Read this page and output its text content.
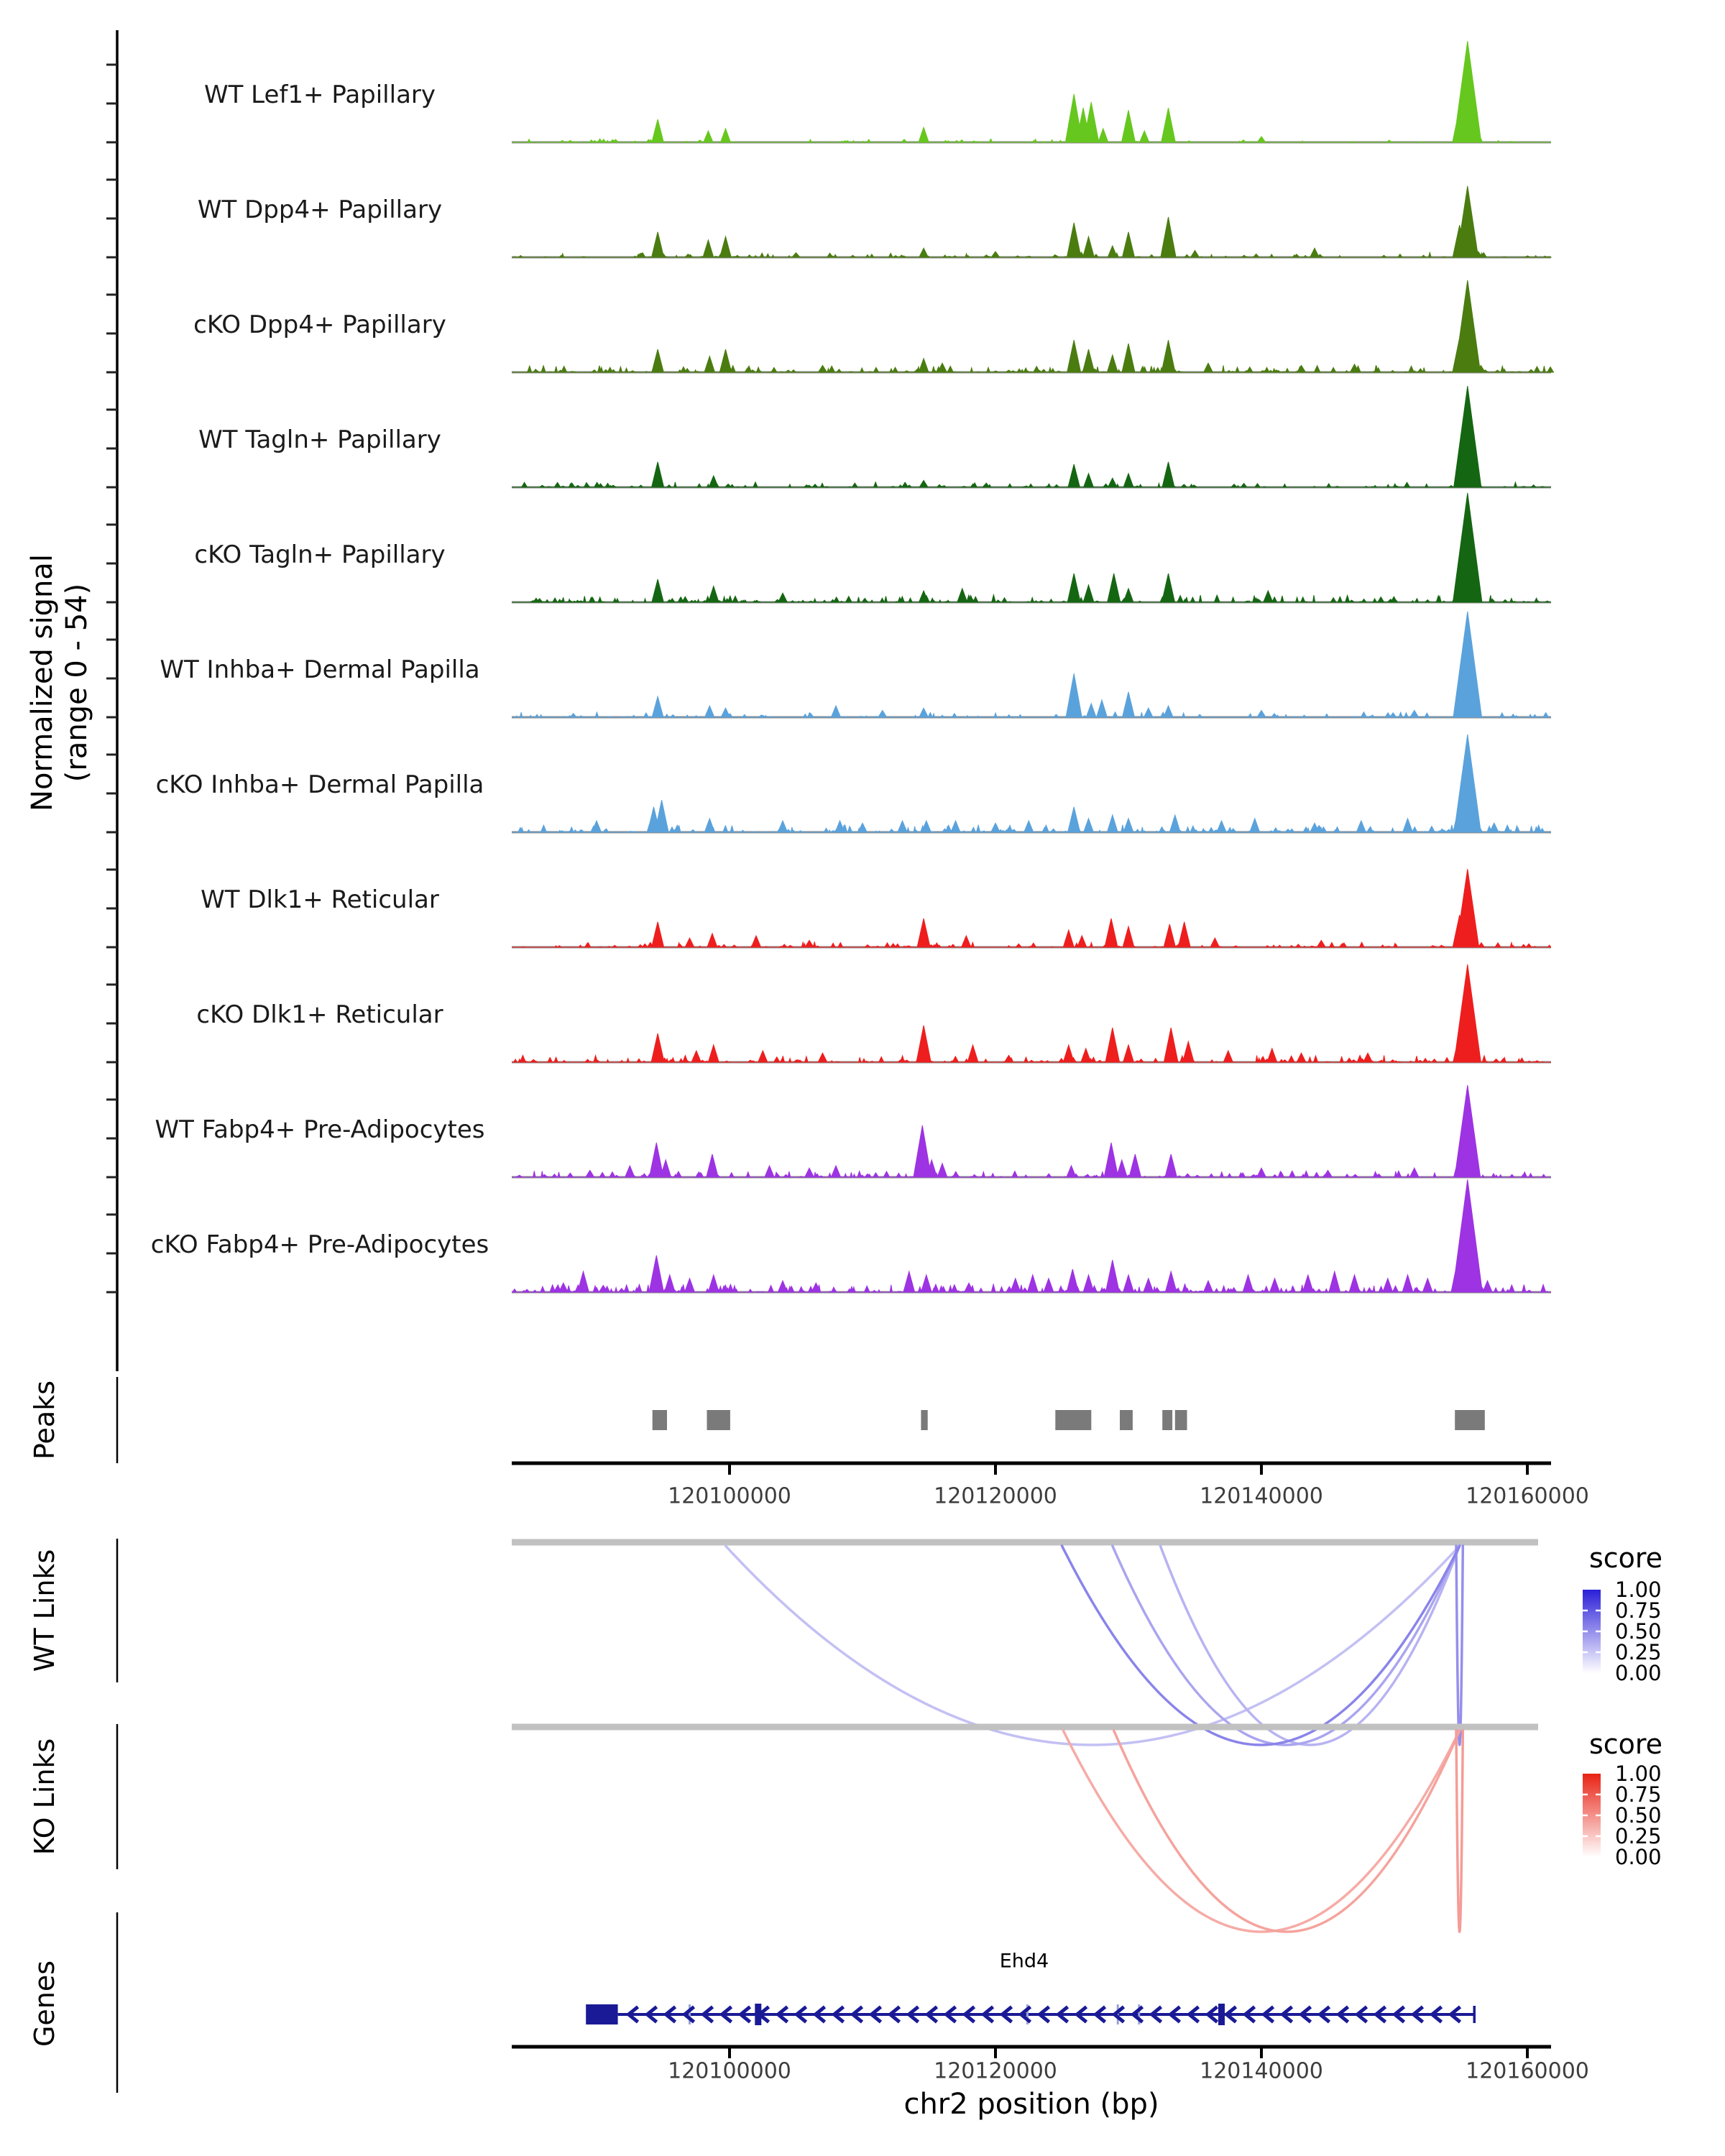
Normalized signal (range 0 - 54)
Peaks
WT Links
KO Links
Genes
WT Lef1+ Papillary
WT Dpp4+ Papillary
cKO Dpp4+ Papillary
WT Tagln+ Papillary
cKO Tagln+ Papillary
WT Inhba+ Dermal Papilla
cKO Inhba+ Dermal Papilla
WT Dlk1+ Reticular
cKO Dlk1+ Reticular
WT Fabp4+ Pre-Adipocytes
cKO Fabp4+ Pre-Adipocytes
score
score
Ehd4
chr2 position (bp)
120100000	120120000	120140000	120160000
120100000	120120000	120140000	120160000
1.00
0.75
0.50
0.25
0.00
1.00
0.75
0.50
0.25
0.00
